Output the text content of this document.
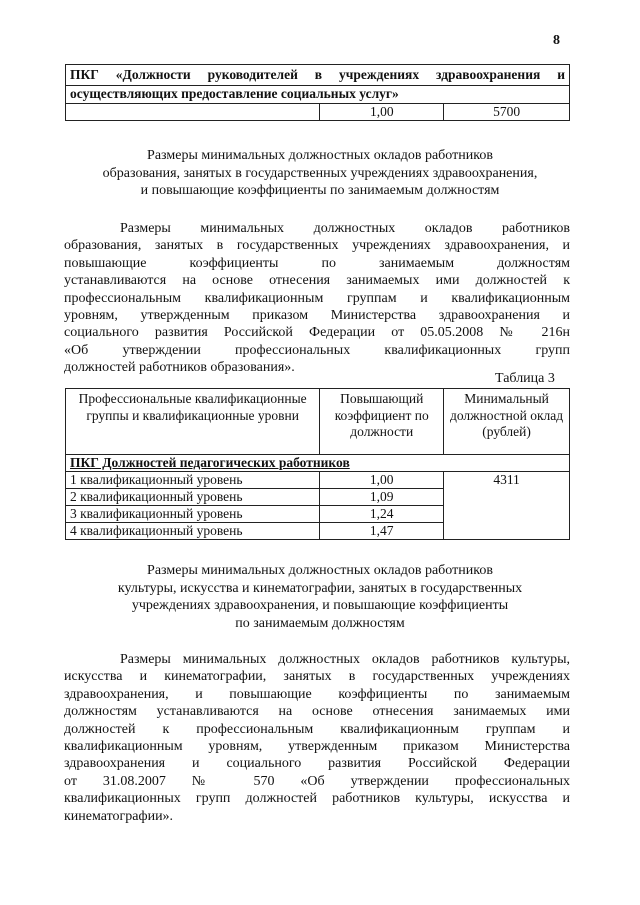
8
ПКГ «Должности руководителей в учреждениях здравоохранения и
осуществляющих предоставление социальных услуг»
	1,00	5700
Размеры минимальных должностных окладов работников
образования, занятых в государственных учреждениях здравоохранения,
и повышающие коэффициенты по занимаемым должностям
Размеры минимальных должностных окладов работников
образования, занятых в государственных учреждениях здравоохранения, и
повышающие коэффициенты по занимаемым должностям
устанавливаются на основе отнесения занимаемых ими должностей к
профессиональным квалификационным группам и квалификационным
уровням, утвержденным приказом Министерства здравоохранения и
социального развития Российской Федерации от 05.05.2008 № 216н
«Об утверждении профессиональных квалификационных групп
должностей работников образования».
Таблица 3
Профессиональные квалификационные группы и квалификационные уровни	Повышающий коэффициент по должности	Минимальный должностной оклад (рублей)
ПКГ Должностей педагогических работников		
1 квалификационный уровень	1,00	4311
2 квалификационный уровень	1,09	
3 квалификационный уровень	1,24	
4 квалификационный уровень	1,47	
Размеры минимальных должностных окладов работников
культуры, искусства и кинематографии, занятых в государственных
учреждениях здравоохранения, и повышающие коэффициенты
по занимаемым должностям
Размеры минимальных должностных окладов работников культуры,
искусства и кинематографии, занятых в государственных учреждениях
здравоохранения, и повышающие коэффициенты по занимаемым
должностям устанавливаются на основе отнесения занимаемых ими
должностей к профессиональным квалификационным группам и
квалификационным уровням, утвержденным приказом Министерства
здравоохранения и социального развития Российской Федерации
от 31.08.2007 № 570 «Об утверждении профессиональных
квалификационных групп должностей работников культуры, искусства и
кинематографии».
